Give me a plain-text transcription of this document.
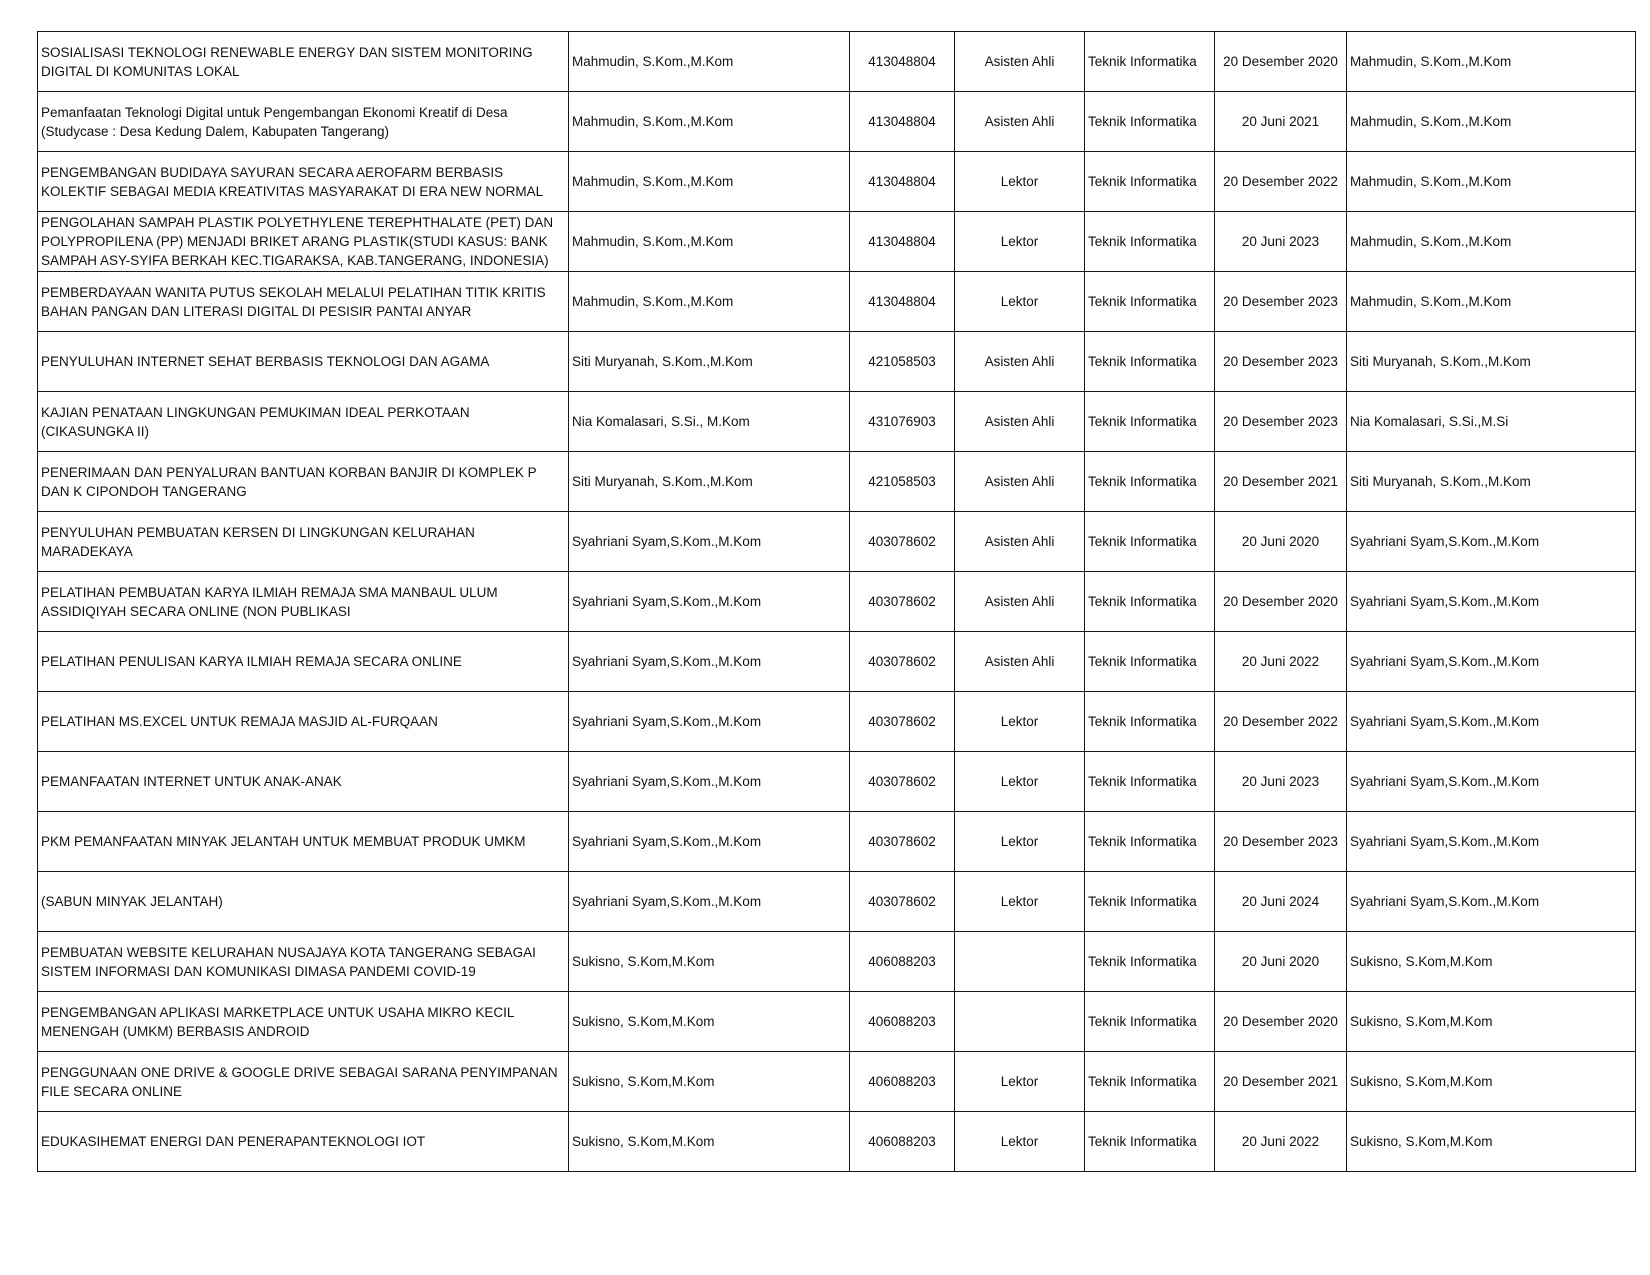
SOSIALISASI TEKNOLOGI RENEWABLE ENERGY DAN SISTEM MONITORING DIGITAL DI KOMUNITAS LOKAL	Mahmudin, S.Kom.,M.Kom	413048804	Asisten Ahli	Teknik Informatika	20 Desember 2020	Mahmudin, S.Kom.,M.Kom
Pemanfaatan Teknologi Digital untuk Pengembangan Ekonomi Kreatif di Desa (Studycase : Desa Kedung Dalem, Kabupaten Tangerang)	Mahmudin, S.Kom.,M.Kom	413048804	Asisten Ahli	Teknik Informatika	20 Juni 2021	Mahmudin, S.Kom.,M.Kom
PENGEMBANGAN BUDIDAYA SAYURAN SECARA AEROFARM BERBASIS KOLEKTIF SEBAGAI MEDIA KREATIVITAS MASYARAKAT DI ERA NEW NORMAL	Mahmudin, S.Kom.,M.Kom	413048804	Lektor	Teknik Informatika	20 Desember 2022	Mahmudin, S.Kom.,M.Kom
PENGOLAHAN SAMPAH PLASTIK POLYETHYLENE TEREPHTHALATE (PET) DAN POLYPROPILENA (PP) MENJADI BRIKET ARANG PLASTIK(STUDI KASUS: BANK SAMPAH ASY-SYIFA BERKAH KEC.TIGARAKSA, KAB.TANGERANG, INDONESIA)	Mahmudin, S.Kom.,M.Kom	413048804	Lektor	Teknik Informatika	20 Juni 2023	Mahmudin, S.Kom.,M.Kom
PEMBERDAYAAN WANITA PUTUS SEKOLAH MELALUI PELATIHAN TITIK KRITIS BAHAN PANGAN DAN LITERASI DIGITAL DI PESISIR PANTAI ANYAR	Mahmudin, S.Kom.,M.Kom	413048804	Lektor	Teknik Informatika	20 Desember 2023	Mahmudin, S.Kom.,M.Kom
PENYULUHAN INTERNET SEHAT BERBASIS TEKNOLOGI DAN AGAMA	Siti Muryanah, S.Kom.,M.Kom	421058503	Asisten Ahli	Teknik Informatika	20 Desember 2023	Siti Muryanah, S.Kom.,M.Kom
KAJIAN PENATAAN LINGKUNGAN PEMUKIMAN IDEAL PERKOTAAN (CIKASUNGKA II)	Nia Komalasari, S.Si., M.Kom	431076903	Asisten Ahli	Teknik Informatika	20 Desember 2023	Nia Komalasari, S.Si.,M.Si
PENERIMAAN DAN PENYALURAN BANTUAN KORBAN BANJIR DI KOMPLEK P DAN K CIPONDOH TANGERANG	Siti Muryanah, S.Kom.,M.Kom	421058503	Asisten Ahli	Teknik Informatika	20 Desember 2021	Siti Muryanah, S.Kom.,M.Kom
PENYULUHAN PEMBUATAN KERSEN DI LINGKUNGAN KELURAHAN MARADEKAYA	Syahriani Syam,S.Kom.,M.Kom	403078602	Asisten Ahli	Teknik Informatika	20 Juni 2020	Syahriani Syam,S.Kom.,M.Kom
PELATIHAN PEMBUATAN KARYA ILMIAH REMAJA SMA MANBAUL ULUM ASSIDIQIYAH SECARA ONLINE (NON PUBLIKASI	Syahriani Syam,S.Kom.,M.Kom	403078602	Asisten Ahli	Teknik Informatika	20 Desember 2020	Syahriani Syam,S.Kom.,M.Kom
PELATIHAN PENULISAN KARYA ILMIAH REMAJA SECARA ONLINE	Syahriani Syam,S.Kom.,M.Kom	403078602	Asisten Ahli	Teknik Informatika	20 Juni 2022	Syahriani Syam,S.Kom.,M.Kom
PELATIHAN MS.EXCEL UNTUK REMAJA MASJID AL-FURQAAN	Syahriani Syam,S.Kom.,M.Kom	403078602	Lektor	Teknik Informatika	20 Desember 2022	Syahriani Syam,S.Kom.,M.Kom
PEMANFAATAN INTERNET UNTUK ANAK-ANAK	Syahriani Syam,S.Kom.,M.Kom	403078602	Lektor	Teknik Informatika	20 Juni 2023	Syahriani Syam,S.Kom.,M.Kom
PKM PEMANFAATAN MINYAK JELANTAH UNTUK MEMBUAT PRODUK UMKM	Syahriani Syam,S.Kom.,M.Kom	403078602	Lektor	Teknik Informatika	20 Desember 2023	Syahriani Syam,S.Kom.,M.Kom
(SABUN MINYAK JELANTAH)	Syahriani Syam,S.Kom.,M.Kom	403078602	Lektor	Teknik Informatika	20 Juni 2024	Syahriani Syam,S.Kom.,M.Kom
PEMBUATAN WEBSITE KELURAHAN NUSAJAYA KOTA TANGERANG SEBAGAI SISTEM INFORMASI DAN KOMUNIKASI DIMASA PANDEMI COVID-19	Sukisno, S.Kom,M.Kom	406088203		Teknik Informatika	20 Juni 2020	Sukisno, S.Kom,M.Kom
PENGEMBANGAN APLIKASI MARKETPLACE UNTUK USAHA MIKRO KECIL MENENGAH (UMKM) BERBASIS ANDROID	Sukisno, S.Kom,M.Kom	406088203		Teknik Informatika	20 Desember 2020	Sukisno, S.Kom,M.Kom
PENGGUNAAN ONE DRIVE & GOOGLE DRIVE SEBAGAI SARANA PENYIMPANAN FILE SECARA ONLINE	Sukisno, S.Kom,M.Kom	406088203	Lektor	Teknik Informatika	20 Desember 2021	Sukisno, S.Kom,M.Kom
EDUKASIHEMAT ENERGI DAN PENERAPANTEKNOLOGI IOT	Sukisno, S.Kom,M.Kom	406088203	Lektor	Teknik Informatika	20 Juni 2022	Sukisno, S.Kom,M.Kom
